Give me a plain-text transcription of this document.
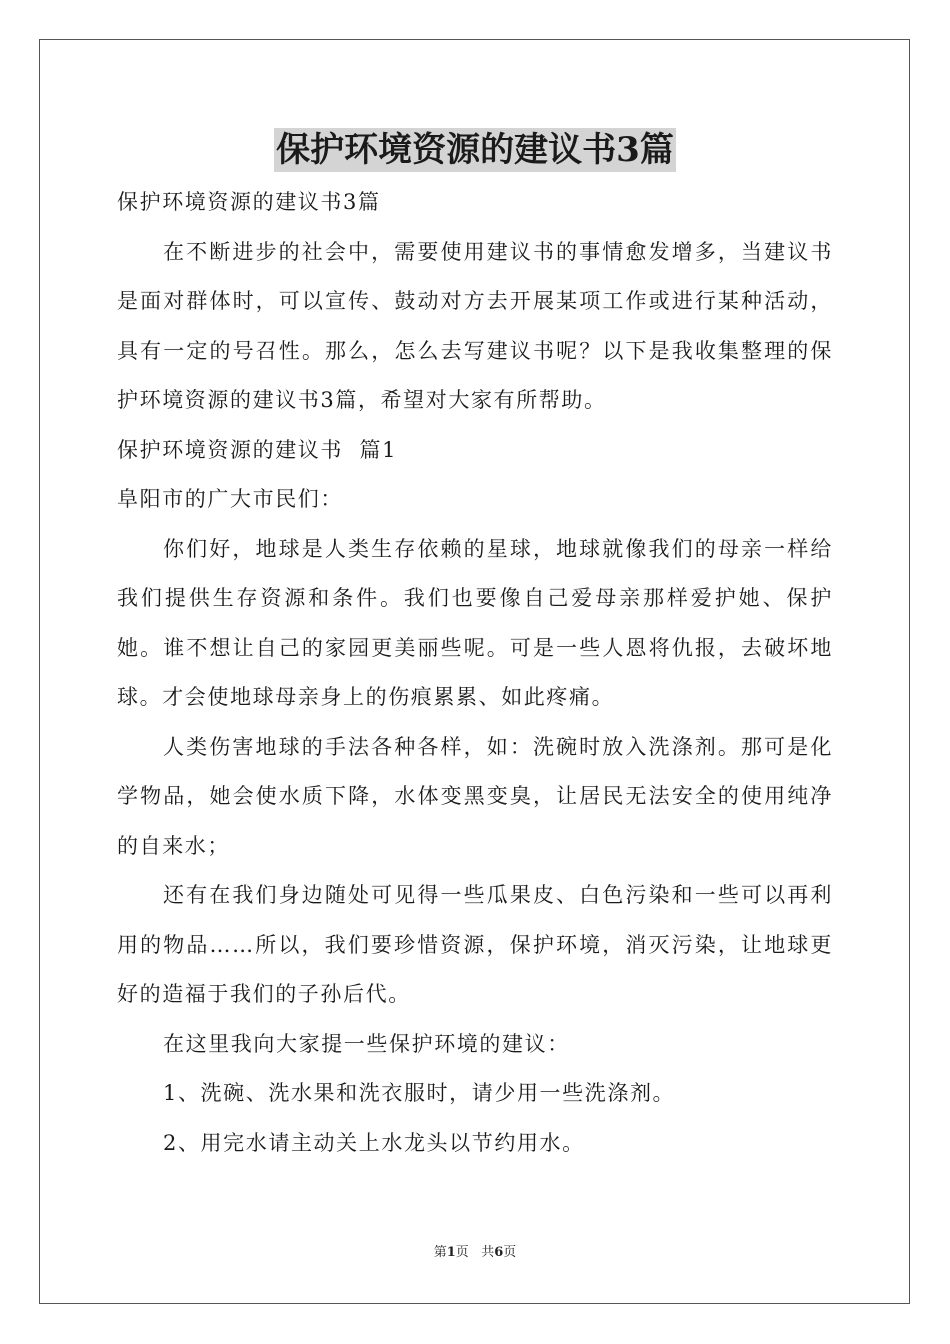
保护环境资源的建议书3篇

保护环境资源的建议书3篇

在不断进步的社会中，需要使用建议书的事情愈发增多，当建议书是面对群体时，可以宣传、鼓动对方去开展某项工作或进行某种活动，具有一定的号召性。那么，怎么去写建议书呢？以下是我收集整理的保护环境资源的建议书3篇，希望对大家有所帮助。

保护环境资源的建议书  篇1

阜阳市的广大市民们：

你们好，地球是人类生存依赖的星球，地球就像我们的母亲一样给我们提供生存资源和条件。我们也要像自己爱母亲那样爱护她、保护她。谁不想让自己的家园更美丽些呢。可是一些人恩将仇报，去破坏地球。才会使地球母亲身上的伤痕累累、如此疼痛。

人类伤害地球的手法各种各样，如：洗碗时放入洗涤剂。那可是化学物品，她会使水质下降，水体变黑变臭，让居民无法安全的使用纯净的自来水；

还有在我们身边随处可见得一些瓜果皮、白色污染和一些可以再利用的物品……所以，我们要珍惜资源，保护环境，消灭污染，让地球更好的造福于我们的子孙后代。

在这里我向大家提一些保护环境的建议：

1、洗碗、洗水果和洗衣服时，请少用一些洗涤剂。

2、用完水请主动关上水龙头以节约用水。

第1页 共6页
